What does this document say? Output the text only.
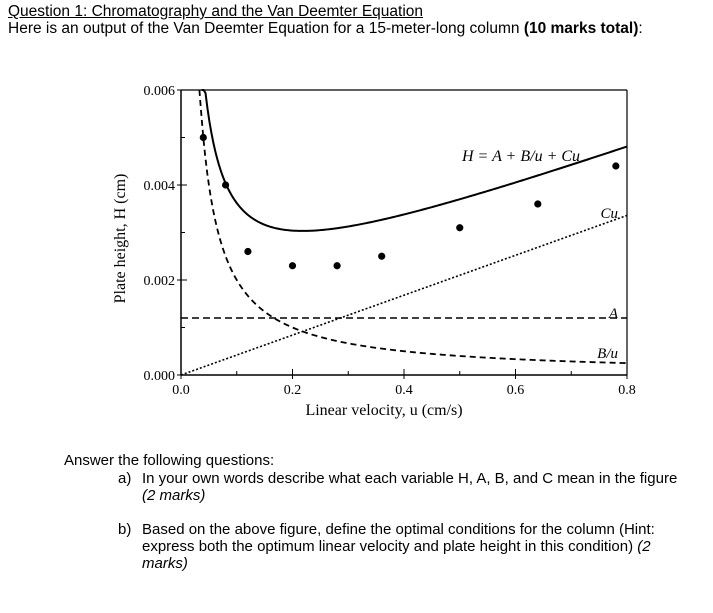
Question 1: Chromatography and the Van Deemter Equation
Here is an output of the Van Deemter Equation for a 15-meter-long column (10 marks total):
0.0	0.2	0.4	0.6	0.8
0.000
0.002
0.004
0.006
H = A + B/u + Cu
Cu
A
B/u
Linear velocity, u (cm/s)
Plate height, H (cm)
Answer the following questions:
a) In your own words describe what each variable H, A, B, and C mean in the figure (2 marks)
b) Based on the above figure, define the optimal conditions for the column (Hint: express both the optimum linear velocity and plate height in this condition) (2 marks)
